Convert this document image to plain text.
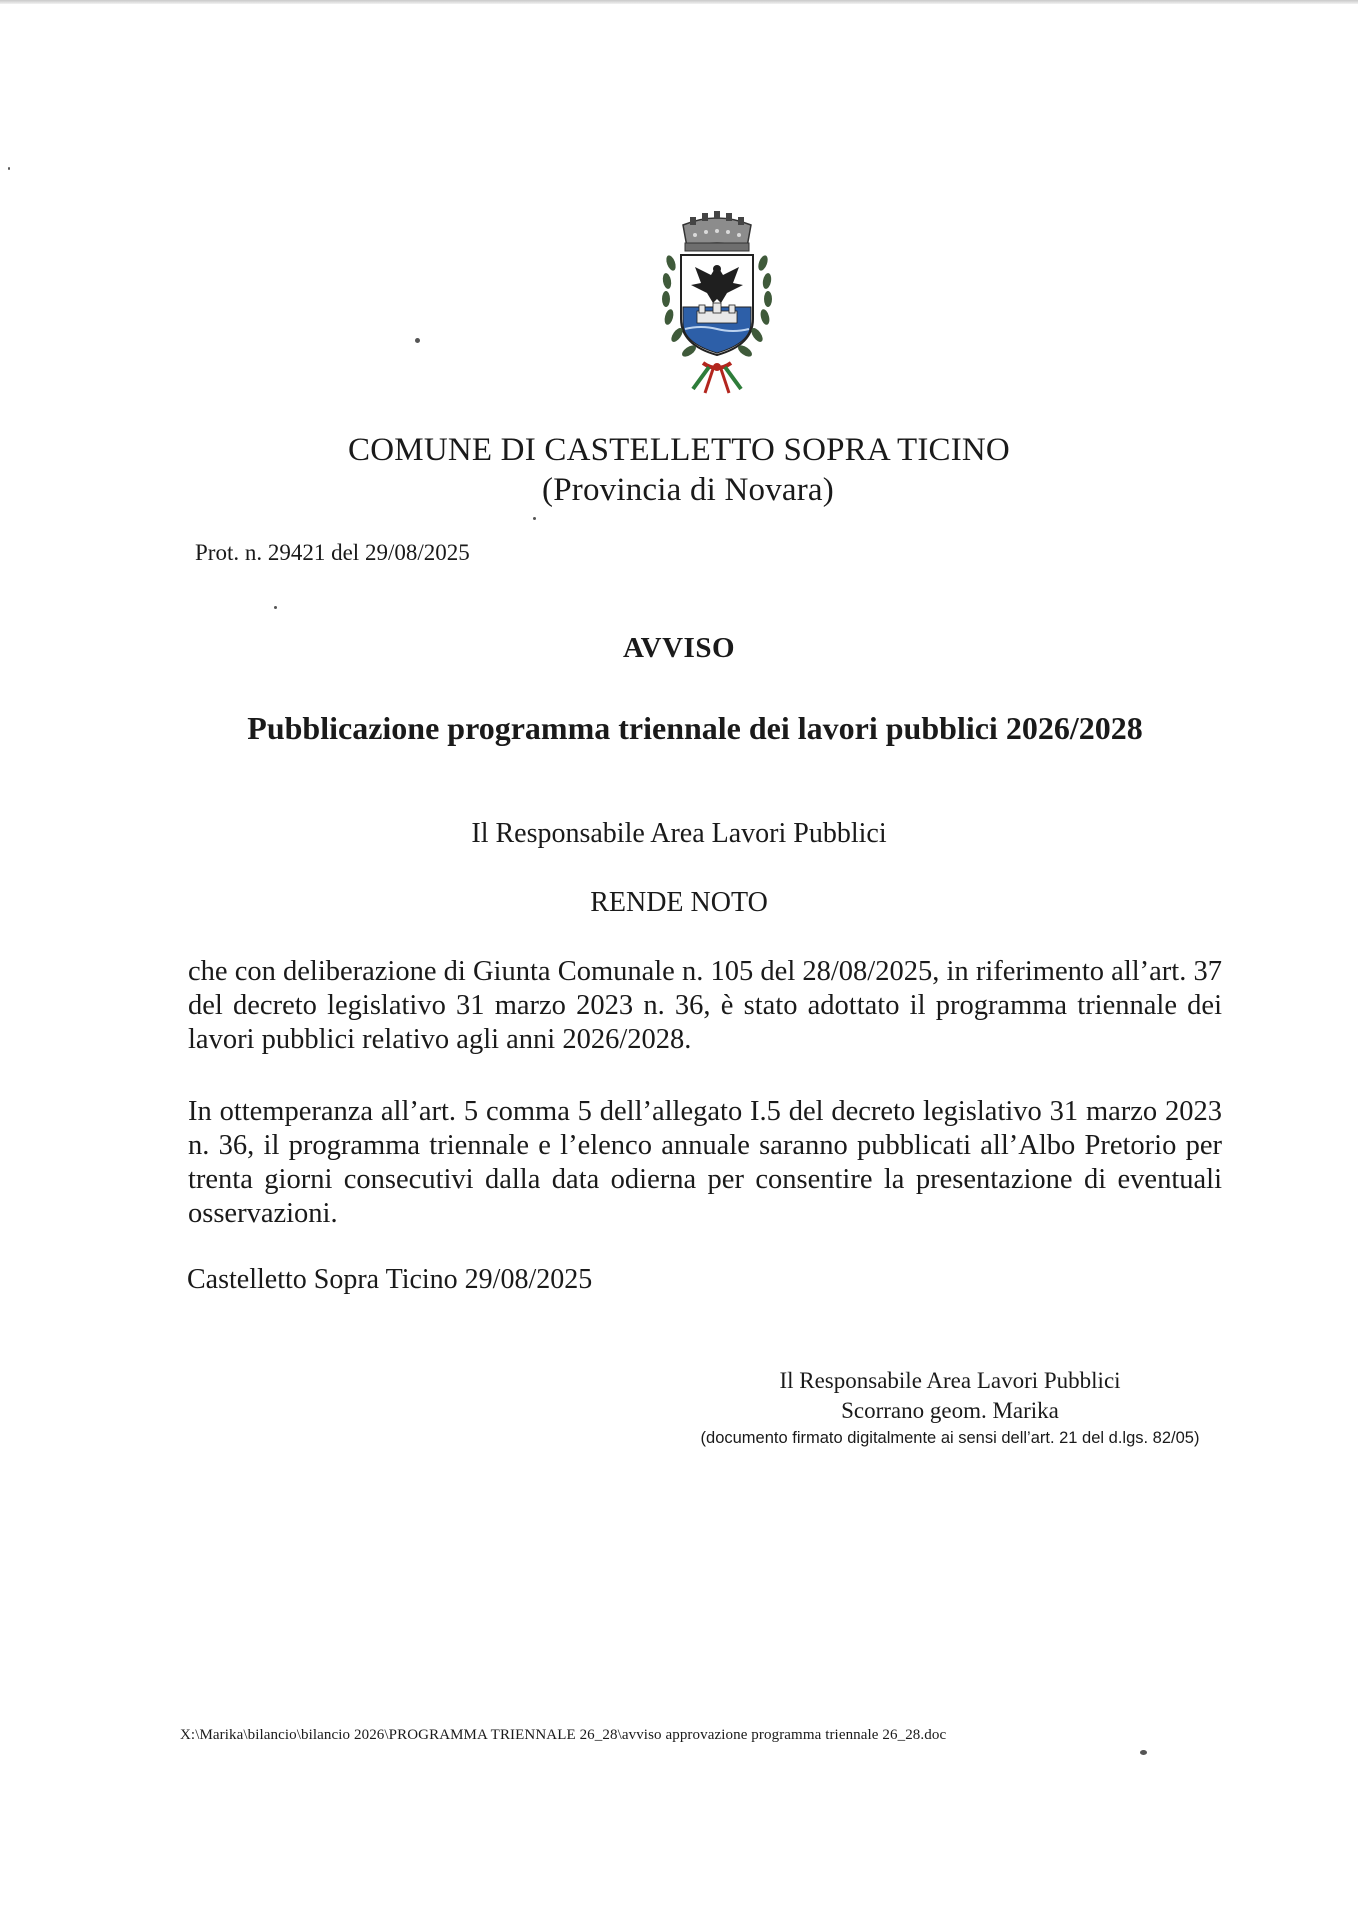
COMUNE DI CASTELLETTO SOPRA TICINO

(Provincia di Novara)

Prot. n. 29421 del 29/08/2025

AVVISO

Pubblicazione programma triennale dei lavori pubblici 2026/2028

Il Responsabile Area Lavori Pubblici

RENDE NOTO

che con deliberazione di Giunta Comunale n. 105 del 28/08/2025, in riferimento all’art. 37 del decreto legislativo 31 marzo 2023 n. 36, è stato adottato il programma triennale dei lavori pubblici relativo agli anni 2026/2028.

In ottemperanza all’art. 5 comma 5 dell’allegato I.5 del decreto legislativo 31 marzo 2023 n. 36, il programma triennale e l’elenco annuale saranno pubblicati all’Albo Pretorio per trenta giorni consecutivi dalla data odierna per consentire la presentazione di eventuali osservazioni.

Castelletto Sopra Ticino 29/08/2025

Il Responsabile Area Lavori Pubblici
Scorrano geom. Marika
(documento firmato digitalmente ai sensi dell’art. 21 del d.lgs. 82/05)

X:\Marika\bilancio\bilancio 2026\PROGRAMMA TRIENNALE 26_28\avviso approvazione programma triennale 26_28.doc
